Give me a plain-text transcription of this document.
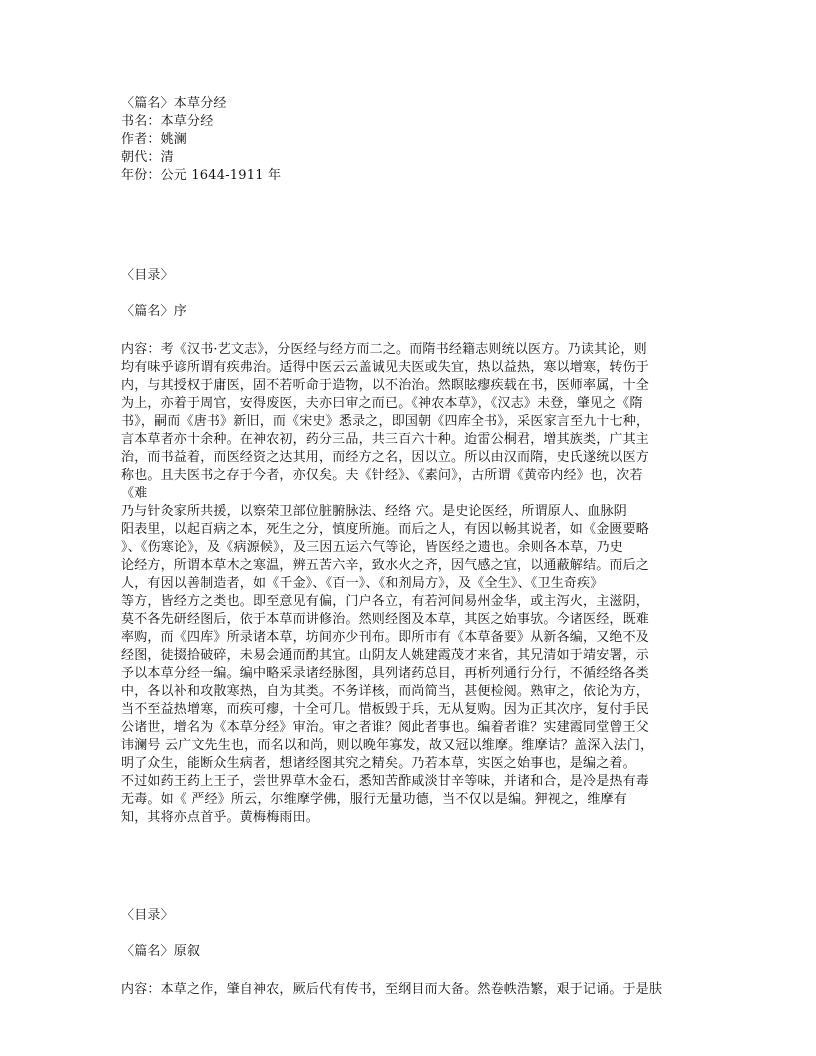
〈篇名〉本草分经
书名：本草分经
作者：姚澜
朝代：清
年份：公元 1644-1911 年
〈目录〉
〈篇名〉序
内容：考《汉书·艺文志》，分医经与经方而二之。而隋书经籍志则统以医方。乃读其论，则
均有味乎谚所谓有疾弗治。适得中医云云盖诚见夫医或失宜，热以益热，寒以增寒，转伤于
内，与其授权于庸医，固不若听命于造物，以不治治。然瞑眩瘳疾载在书，医师率属，十全
为上，亦着于周官，安得废医，夫亦曰审之而已。《神农本草》，《汉志》未登，肇见之《隋
书》，嗣而《唐书》新旧，而《宋史》悉录之，即国朝《四库全书》，采医家言至九十七种，
言本草者亦十余种。在神农初，药分三品，共三百六十种。迨雷公桐君，增其族类，广其主
治，而书益着，而医经资之达其用，而经方之名，因以立。所以由汉而隋，史氏遂统以医方
称也。且夫医书之存于今者，亦仅矣。夫《针经》、《素问》，古所谓《黄帝内经》也，次若
《难
乃与针灸家所共援，以察荣卫部位脏腑脉法、经络 穴。是史论医经，所谓原人、血脉阴
阳表里，以起百病之本，死生之分，慎度所施。而后之人，有因以畅其说者，如《金匮要略
》、《伤寒论》，及《病源候》，及三因五运六气等论，皆医经之遗也。余则各本草，乃史
论经方，所谓本草木之寒温，辨五苦六辛，致水火之齐，因气感之宜，以通蔽解结。而后之
人，有因以善制造者，如《千金》、《百一》、《和剂局方》，及《全生》、《卫生奇疾》
等方，皆经方之类也。即至意见有偏，门户各立，有若河间易州金华，或主泻火，主滋阴，
莫不各先研经图后，依于本草而讲修治。然则经图及本草，其医之始事欤。今诸医经，既难
率购，而《四库》所录诸本草，坊间亦少刊布。即所市有《本草备要》从新各编，又绝不及
经图，徒掇拾破碎，未易会通而酌其宜。山阴友人姚建霞茂才来省，其兄清如于靖安署，示
予以本草分经一编。编中略采录诸经脉图，具列诸药总目，再析列通行分行，不循经络各类
中，各以补和攻散寒热，自为其类。不务详核，而尚简当，甚便检阅。熟审之，依论为方，
当不至益热增寒，而疾可瘳，十全可几。惜板毁于兵，无从复购。因为正其次序，复付手民
公诸世，增名为《本草分经》审治。审之者谁？阅此者事也。编着者谁？实建霞同堂曾王父
讳澜号 云广文先生也，而名以和尚，则以晚年寡发，故又冠以维摩。维摩诘？盖深入法门，
明了众生，能断众生病者，想诸经图其究之精矣。乃若本草，实医之始事也，是编之着。
不过如药王药上王子，尝世界草木金石，悉知苦酢咸淡甘辛等味，并诸和合，是冷是热有毒
无毒。如《 严经》所云，尔维摩学佛，服行无量功德，当不仅以是编。狎视之，维摩有
知，其将亦点首乎。黄梅梅雨田。
〈目录〉
〈篇名〉原叙
内容：本草之作，肇自神农，厥后代有传书，至纲目而大备。然卷帙浩繁，艰于记诵。于是肤
